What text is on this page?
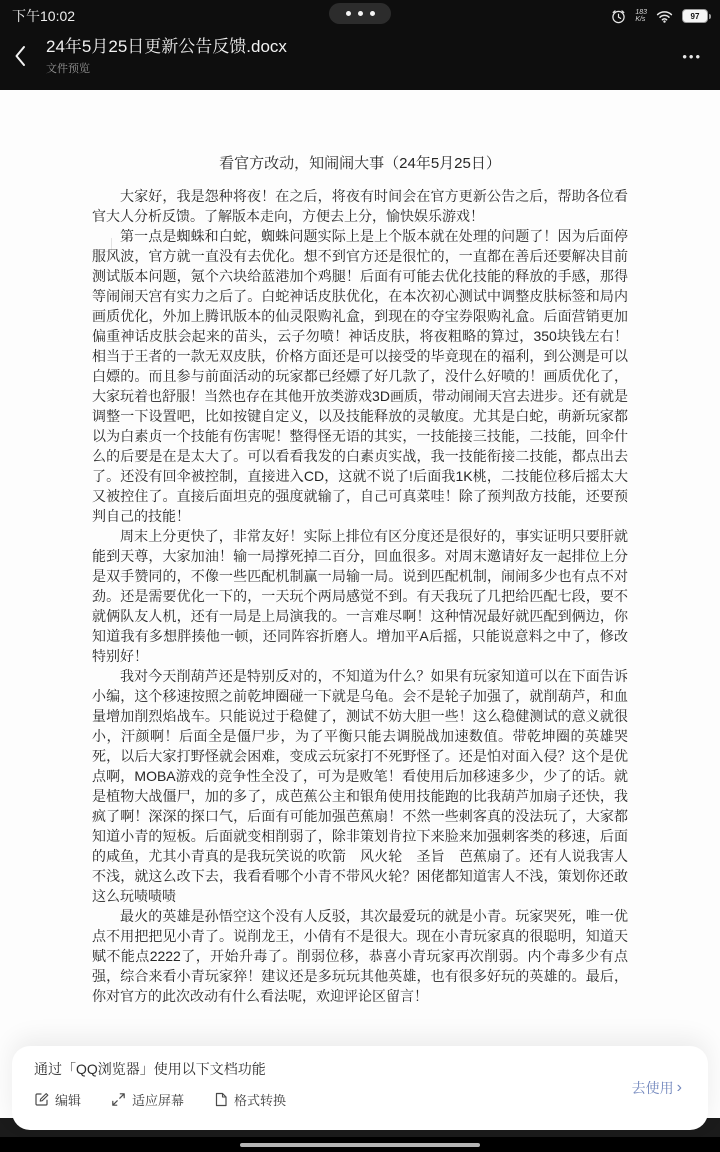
下午10:02	183
K/s	97
24年5月25日更新公告反馈.docx
文件预览
•••
看官方改动，知闹闹大事（24年5月25日）

大家好，我是怨种将夜！在之后，将夜有时间会在官方更新公告之后，帮助各位看官大人分析反馈。了解版本走向，方便去上分，愉快娱乐游戏！

第一点是蜘蛛和白蛇，蜘蛛问题实际上是上个版本就在处理的问题了！因为后面停服风波，官方就一直没有去优化。想不到官方还是很忙的，一直都在善后还要解决目前测试版本问题，氪个六块给蓝港加个鸡腿！后面有可能去优化技能的释放的手感，那得等闹闹天宫有实力之后了。白蛇神话皮肤优化，在本次初心测试中调整皮肤标签和局内画质优化，外加上腾讯版本的仙灵限购礼盒，到现在的夺宝券限购礼盒。后面营销更加偏重神话皮肤会起来的苗头，云子勿喷！神话皮肤，将夜粗略的算过，350块钱左右！相当于王者的一款无双皮肤，价格方面还是可以接受的毕竟现在的福利，到公测是可以白嫖的。而且参与前面活动的玩家都已经嫖了好几款了，没什么好喷的！画质优化了，大家玩着也舒服！当然也存在其他开放类游戏3D画质，带动闹闹天宫去进步。还有就是调整一下设置吧，比如按键自定义，以及技能释放的灵敏度。尤其是白蛇，萌新玩家都以为白素贞一个技能有伤害呢！整得怪无语的其实，一技能接三技能，二技能，回伞什么的后要是在是太大了。可以看看我发的白素贞实战，我一技能衔接二技能，都点出去了。还没有回伞被控制，直接进入CD，这就不说了!后面我1K桃，二技能位移后摇太大又被控住了。直接后面坦克的强度就输了，自己可真菜哇！除了预判敌方技能，还要预判自己的技能！

周末上分更快了，非常友好！实际上排位有区分度还是很好的，事实证明只要肝就能到天尊，大家加油！输一局撑死掉二百分，回血很多。对周末邀请好友一起排位上分是双手赞同的，不像一些匹配机制赢一局输一局。说到匹配机制，闹闹多少也有点不对劲。还是需要优化一下的，一天玩个两局感觉不到。有天我玩了几把给匹配七段，要不就俩队友人机，还有一局是上局演我的。一言难尽啊！这种情况最好就匹配到俩边，你知道我有多想胖揍他一顿，还同阵容折磨人。增加平A后摇，只能说意料之中了，修改特别好！

我对今天削葫芦还是特别反对的，不知道为什么？如果有玩家知道可以在下面告诉小编，这个移速按照之前乾坤圈碰一下就是乌龟。会不是轮子加强了，就削葫芦，和血量增加削烈焰战车。只能说过于稳健了，测试不妨大胆一些！这么稳健测试的意义就很小，汗颜啊！后面全是僵尸步，为了平衡只能去调脱战加速数值。带乾坤圈的英雄哭死，以后大家打野怪就会困难，变成云玩家打不死野怪了。还是怕对面入侵？这个是优点啊，MOBA游戏的竞争性全没了，可为是败笔！看使用后加移速多少，少了的话。就是植物大战僵尸，加的多了，成芭蕉公主和银角使用技能跑的比我葫芦加扇子还快，我疯了啊！深深的探口气，后面有可能加强芭蕉扇！不然一些刺客真的没法玩了，大家都知道小青的短板。后面就变相削弱了，除非策划肯拉下来脸来加强刺客类的移速，后面的咸鱼，尤其小青真的是我玩笑说的吹箭　风火轮　圣旨　芭蕉扇了。还有人说我害人不浅，就这么改下去，我看看哪个小青不带风火轮？困佬都知道害人不浅，策划你还敢这么玩啧啧啧

最火的英雄是孙悟空这个没有人反驳，其次最爱玩的就是小青。玩家哭死，唯一优点不用把把见小青了。说削龙王，小倩有不是很大。现在小青玩家真的很聪明，知道天赋不能点2222了，开始升毒了。削弱位移，恭喜小青玩家再次削弱。内个毒多少有点强，综合来看小青玩家猝！建议还是多玩玩其他英雄，也有很多好玩的英雄的。最后，你对官方的此次改动有什么看法呢，欢迎评论区留言！

通过「QQ浏览器」使用以下文档功能
编辑	适应屏幕	格式转换
去使用 ›
